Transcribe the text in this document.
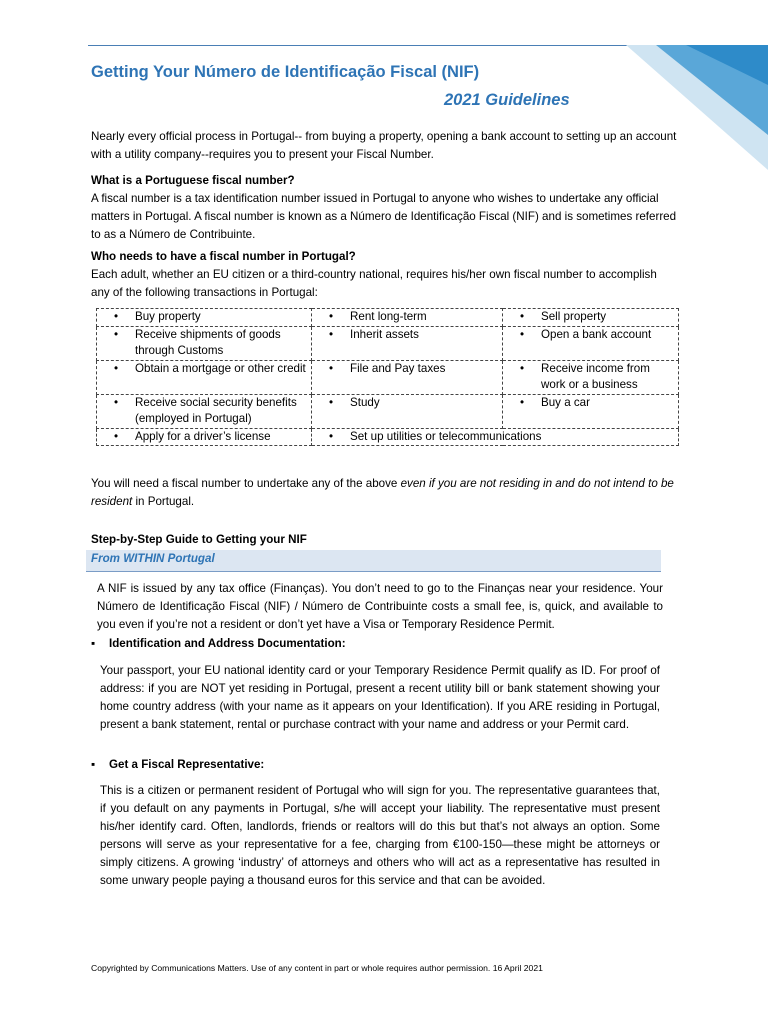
Getting Your Número de Identificação Fiscal (NIF)
2021 Guidelines
Nearly every official process in Portugal-- from buying a property, opening a bank account to setting up an account with a utility company--requires you to present your Fiscal Number.
What is a Portuguese fiscal number?
A fiscal number is a tax identification number issued in Portugal to anyone who wishes to undertake any official matters in Portugal. A fiscal number is known as a Número de Identificação Fiscal (NIF) and is sometimes referred to as a Número de Contribuinte.
Who needs to have a fiscal number in Portugal?
Each adult, whether an EU citizen or a third-country national, requires his/her own fiscal number to accomplish any of the following transactions in Portugal:
• Buy property	• Rent long-term	• Sell property

• Receive shipments of goods through Customs	• Inherit assets	• Open a bank account

• Obtain a mortgage or other credit	• File and Pay taxes	• Receive income from work or a business

• Receive social security benefits (employed in Portugal)	• Study	• Buy a car

• Apply for a driver’s license	• Set up utilities or telecommunications	
You will need a fiscal number to undertake any of the above even if you are not residing in and do not intend to be resident in Portugal.
Step-by-Step Guide to Getting your NIF
From WITHIN Portugal
A NIF is issued by any tax office (Finanças). You don’t need to go to the Finanças near your residence. Your Número de Identificação Fiscal (NIF) / Número de Contribuinte costs a small fee, is, quick, and available to you even if you’re not a resident or don’t yet have a Visa or Temporary Residence Permit.
▪ Identification and Address Documentation:
Your passport, your EU national identity card or your Temporary Residence Permit qualify as ID. For proof of address: if you are NOT yet residing in Portugal, present a recent utility bill or bank statement showing your home country address (with your name as it appears on your Identification). If you ARE residing in Portugal, present a bank statement, rental or purchase contract with your name and address or your Permit card.
▪ Get a Fiscal Representative:
This is a citizen or permanent resident of Portugal who will sign for you. The representative guarantees that, if you default on any payments in Portugal, s/he will accept your liability. The representative must present his/her identify card. Often, landlords, friends or realtors will do this but that’s not always an option. Some persons will serve as your representative for a fee, charging from €100-150—these might be attorneys or simply citizens. A growing ‘industry’ of attorneys and others who will act as a representative has resulted in some unwary people paying a thousand euros for this service and that can be avoided.
Copyrighted by Communications Matters. Use of any content in part or whole requires author permission. 16 April 2021
